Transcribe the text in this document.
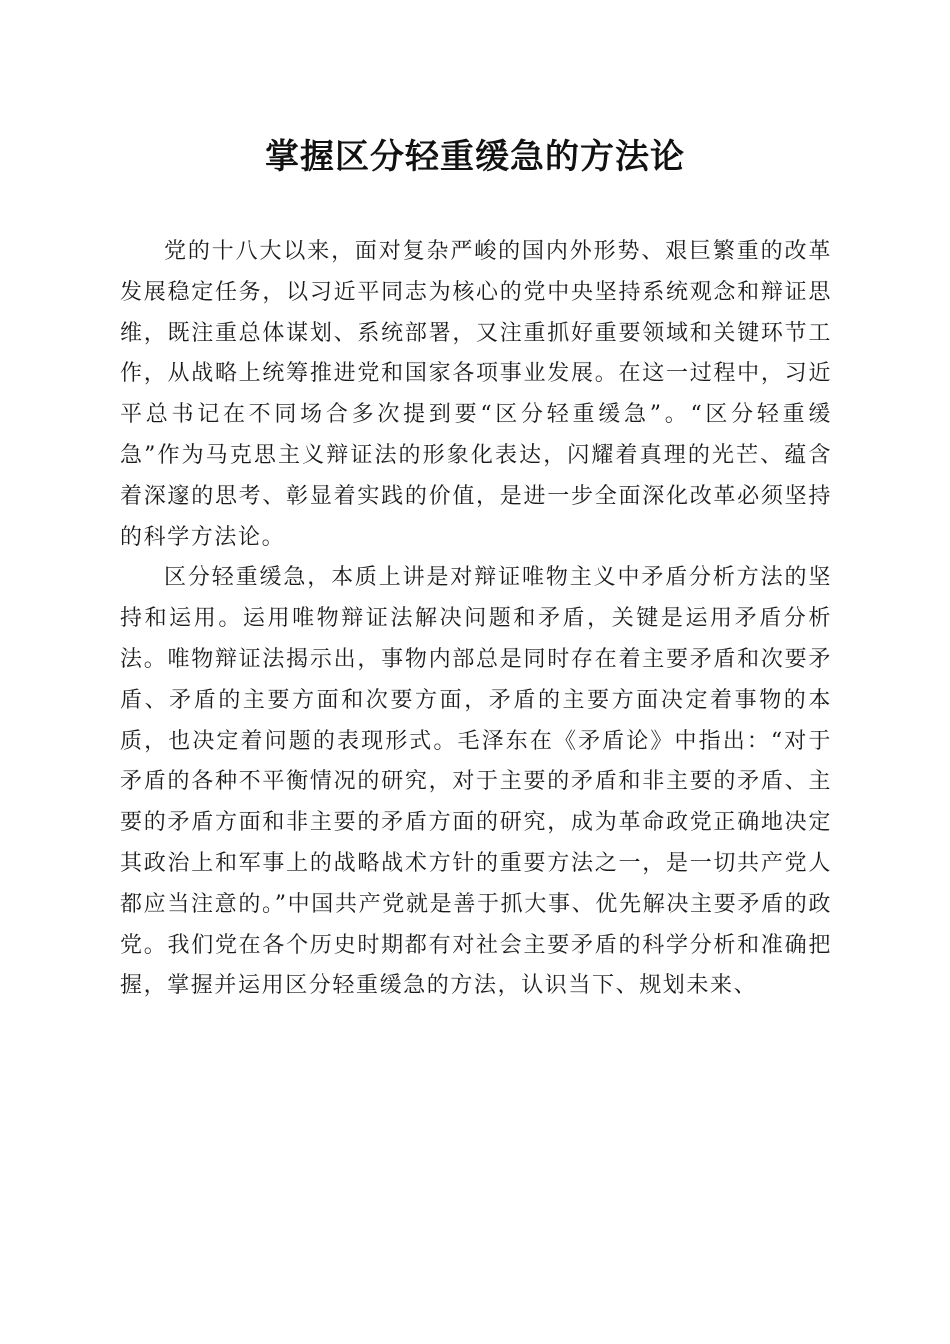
掌握区分轻重缓急的方法论

党的十八大以来，面对复杂严峻的国内外形势、艰巨繁重的改革发展稳定任务，以习近平同志为核心的党中央坚持系统观念和辩证思维，既注重总体谋划、系统部署，又注重抓好重要领域和关键环节工作，从战略上统筹推进党和国家各项事业发展。在这一过程中，习近平总书记在不同场合多次提到要“区分轻重缓急”。“区分轻重缓急”作为马克思主义辩证法的形象化表达，闪耀着真理的光芒、蕴含着深邃的思考、彰显着实践的价值，是进一步全面深化改革必须坚持的科学方法论。

区分轻重缓急，本质上讲是对辩证唯物主义中矛盾分析方法的坚持和运用。运用唯物辩证法解决问题和矛盾，关键是运用矛盾分析法。唯物辩证法揭示出，事物内部总是同时存在着主要矛盾和次要矛盾、矛盾的主要方面和次要方面，矛盾的主要方面决定着事物的本质，也决定着问题的表现形式。毛泽东在《矛盾论》中指出：“对于矛盾的各种不平衡情况的研究，对于主要的矛盾和非主要的矛盾、主要的矛盾方面和非主要的矛盾方面的研究，成为革命政党正确地决定其政治上和军事上的战略战术方针的重要方法之一，是一切共产党人都应当注意的。”中国共产党就是善于抓大事、优先解决主要矛盾的政党。我们党在各个历史时期都有对社会主要矛盾的科学分析和准确把握，掌握并运用区分轻重缓急的方法，认识当下、规划未来、
